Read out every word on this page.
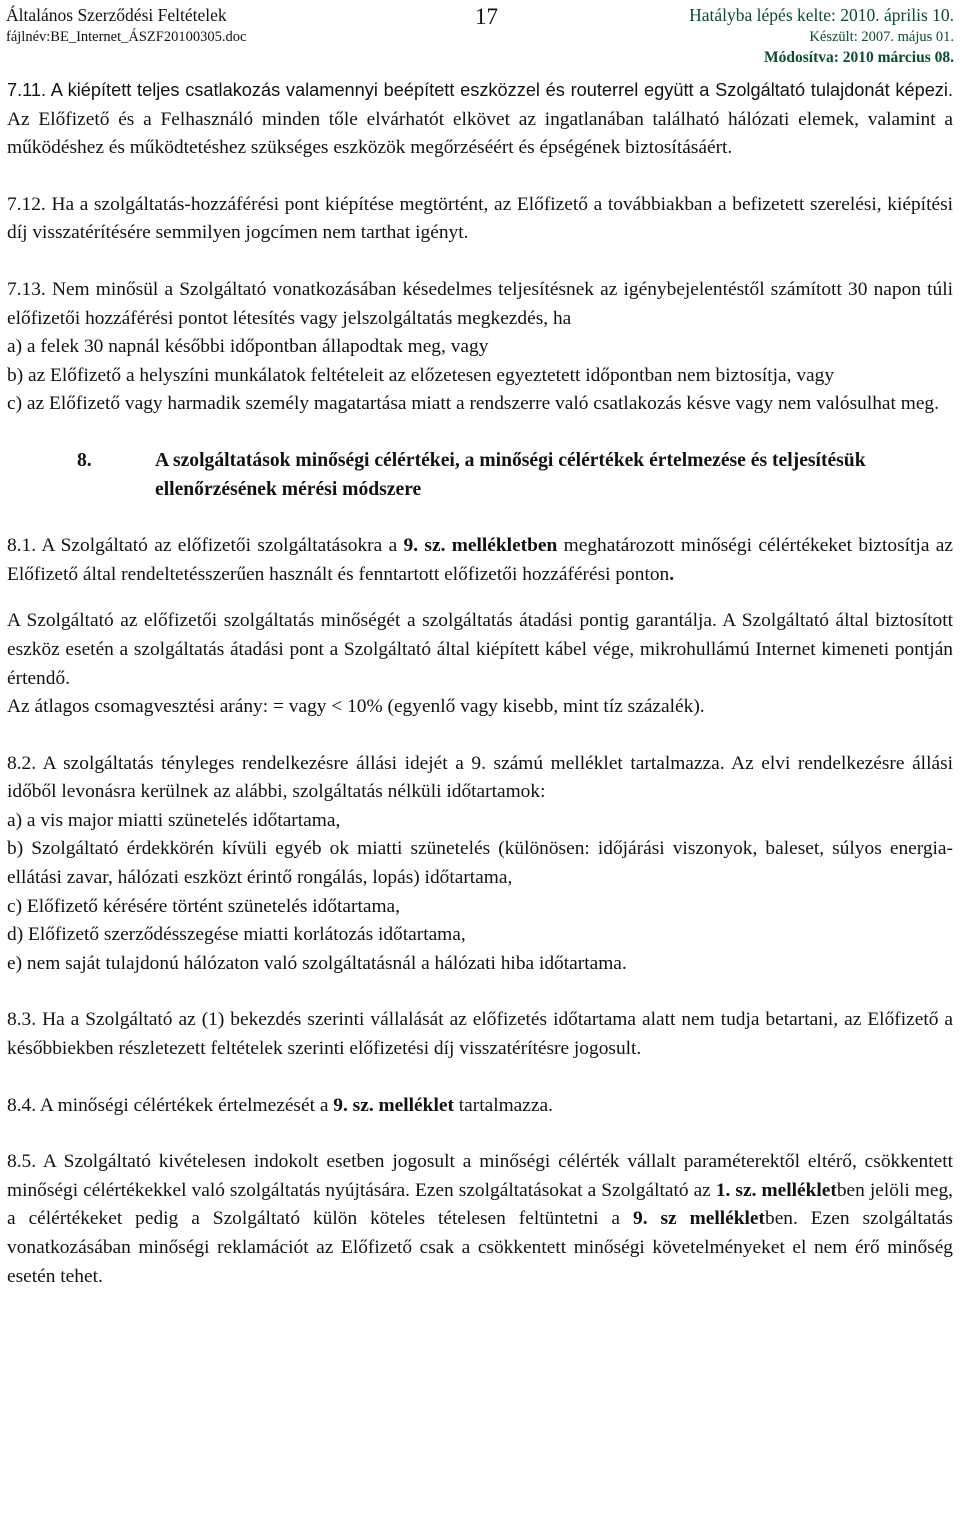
Általános Szerződési Feltételek
fájlnév:BE_Internet_ÁSZF20100305.doc
17	Hatályba lépés kelte: 2010. április 10.
Készült: 2007. május 01.
Módosítva: 2010 március 08.

7.11. A kiépített teljes csatlakozás valamennyi beépített eszközzel és routerrel együtt a Szolgáltató tulajdonát képezi. Az Előfizető és a Felhasználó minden tőle elvárhatót elkövet az ingatlanában található hálózati elemek, valamint a működéshez és működtetéshez szükséges eszközök megőrzéséért és épségének biztosításáért.

7.12. Ha a szolgáltatás-hozzáférési pont kiépítése megtörtént, az Előfizető a továbbiakban a befizetett szerelési, kiépítési díj visszatérítésére semmilyen jogcímen nem tarthat igényt.

7.13. Nem minősül a Szolgáltató vonatkozásában késedelmes teljesítésnek az igénybejelentéstől számított 30 napon túli előfizetői hozzáférési pontot létesítés vagy jelszolgáltatás megkezdés, ha

a) a felek 30 napnál későbbi időpontban állapodtak meg, vagy

b) az Előfizető a helyszíni munkálatok feltételeit az előzetesen egyeztetett időpontban nem biztosítja, vagy

c) az Előfizető vagy harmadik személy magatartása miatt a rendszerre való csatlakozás késve vagy nem valósulhat meg.

8.	A szolgáltatások minőségi célértékei, a minőségi célértékek értelmezése és teljesítésük ellenőrzésének mérési módszere

8.1. A Szolgáltató az előfizetői szolgáltatásokra a 9. sz. mellékletben meghatározott minőségi célértékeket biztosítja az Előfizető által rendeltetésszerűen használt és fenntartott előfizetői hozzáférési ponton.

A Szolgáltató az előfizetői szolgáltatás minőségét a szolgáltatás átadási pontig garantálja. A Szolgáltató által biztosított eszköz esetén a szolgáltatás átadási pont a Szolgáltató által kiépített kábel vége, mikrohullámú Internet kimeneti pontján értendő.

Az átlagos csomagvesztési arány: = vagy < 10% (egyenlő vagy kisebb, mint tíz százalék).

8.2. A szolgáltatás tényleges rendelkezésre állási idejét a 9. számú melléklet tartalmazza. Az elvi rendelkezésre állási időből levonásra kerülnek az alábbi, szolgáltatás nélküli időtartamok:

a) a vis major miatti szünetelés időtartama,

b) Szolgáltató érdekkörén kívüli egyéb ok miatti szünetelés (különösen: időjárási viszonyok, baleset, súlyos energia-ellátási zavar, hálózati eszközt érintő rongálás, lopás) időtartama,

c) Előfizető kérésére történt szünetelés időtartama,

d) Előfizető szerződésszegése miatti korlátozás időtartama,

e) nem saját tulajdonú hálózaton való szolgáltatásnál a hálózati hiba időtartama.

8.3. Ha a Szolgáltató az (1) bekezdés szerinti vállalását az előfizetés időtartama alatt nem tudja betartani, az Előfizető a későbbiekben részletezett feltételek szerinti előfizetési díj visszatérítésre jogosult.

8.4. A minőségi célértékek értelmezését a 9. sz. melléklet tartalmazza.

8.5. A Szolgáltató kivételesen indokolt esetben jogosult a minőségi célérték vállalt paraméterektől eltérő, csökkentett minőségi célértékekkel való szolgáltatás nyújtására. Ezen szolgáltatásokat a Szolgáltató az 1. sz. mellékletben jelöli meg, a célértékeket pedig a Szolgáltató külön köteles tételesen feltüntetni a 9. sz mellékletben. Ezen szolgáltatás vonatkozásában minőségi reklamációt az Előfizető csak a csökkentett minőségi követelményeket el nem érő minőség esetén tehet.
